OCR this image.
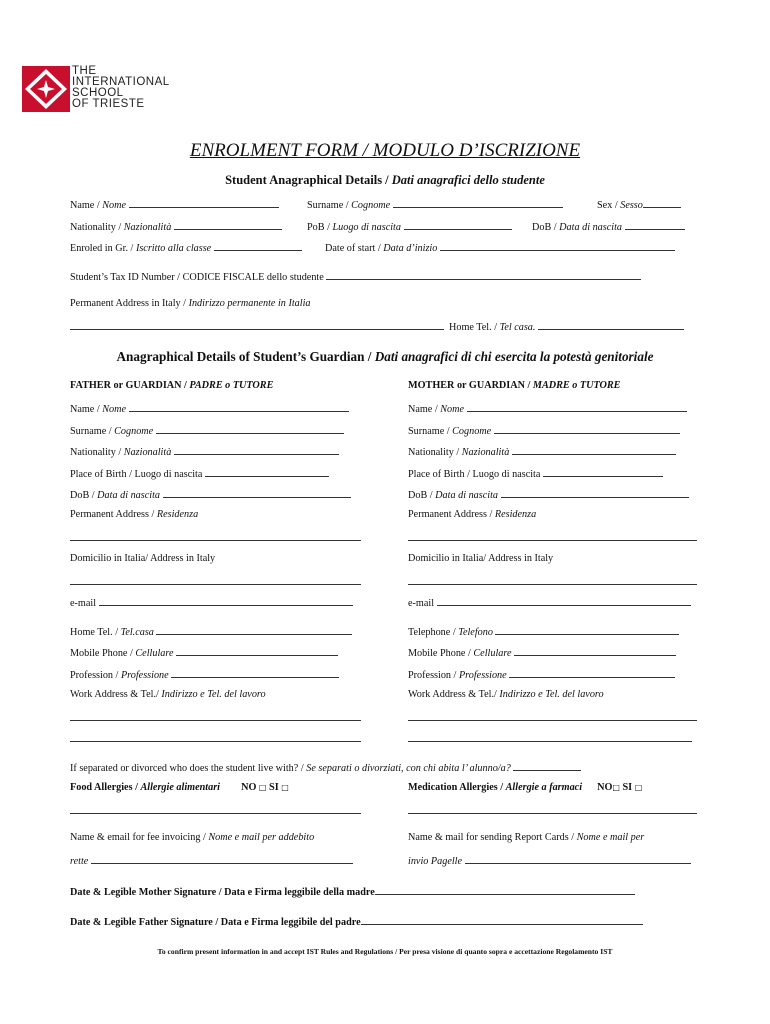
THE
INTERNATIONAL
SCHOOL
OF TRIESTE
ENROLMENT FORM / MODULO D’ISCRIZIONE
Student Anagraphical Details / Dati anagrafici dello studente
Name / Nome	Surname / Cognome	Sex / Sesso
Nationality / Nazionalità	PoB / Luogo di nascita	DoB / Data di nascita
Enroled in Gr. / Iscritto alla classe	Date of start / Data d’inizio
Student’s Tax ID Number / CODICE FISCALE dello studente
Permanent Address in Italy / Indirizzo permanente in Italia
Home Tel. / Tel casa.
Anagraphical Details of Student’s Guardian / Dati anagrafici di chi esercita la potestà genitoriale
FATHER or GUARDIAN / PADRE o TUTORE
Name / Nome
Surname / Cognome
Nationality / Nazionalità
Place of Birth / Luogo di nascita
DoB / Data di nascita
Permanent Address / Residenza
Domicilio in Italia/ Address in Italy
e-mail
Home Tel. / Tel.casa
Mobile Phone / Cellulare
Profession / Professione
Work Address & Tel./ Indirizzo e Tel. del lavoro
MOTHER or GUARDIAN / MADRE o TUTORE
Name / Nome
Surname / Cognome
Nationality / Nazionalità
Place of Birth / Luogo di nascita
DoB / Data di nascita
Permanent Address / Residenza
Domicilio in Italia/ Address in Italy
e-mail
Telephone / Telefono
Mobile Phone / Cellulare
Profession / Professione
Work Address & Tel./ Indirizzo e Tel. del lavoro
If separated or divorced who does the student live with? / Se separati o divorziati, con chi abita l’ alunno/a?
Food Allergies / Allergie alimentari NO □ SI □	Medication Allergies / Allergie a farmaci NO□ SI □
Name & email for fee invoicing / Nome e mail per addebito
rette
Name & mail for sending Report Cards / Nome e mail per
invio Pagelle
Date & Legible Mother Signature / Data e Firma leggibile della madre
Date & Legible Father Signature / Data e Firma leggibile del padre
To confirm present information in and accept IST Rules and Regulations / Per presa visione di quanto sopra e accettazione Regolamento IST
